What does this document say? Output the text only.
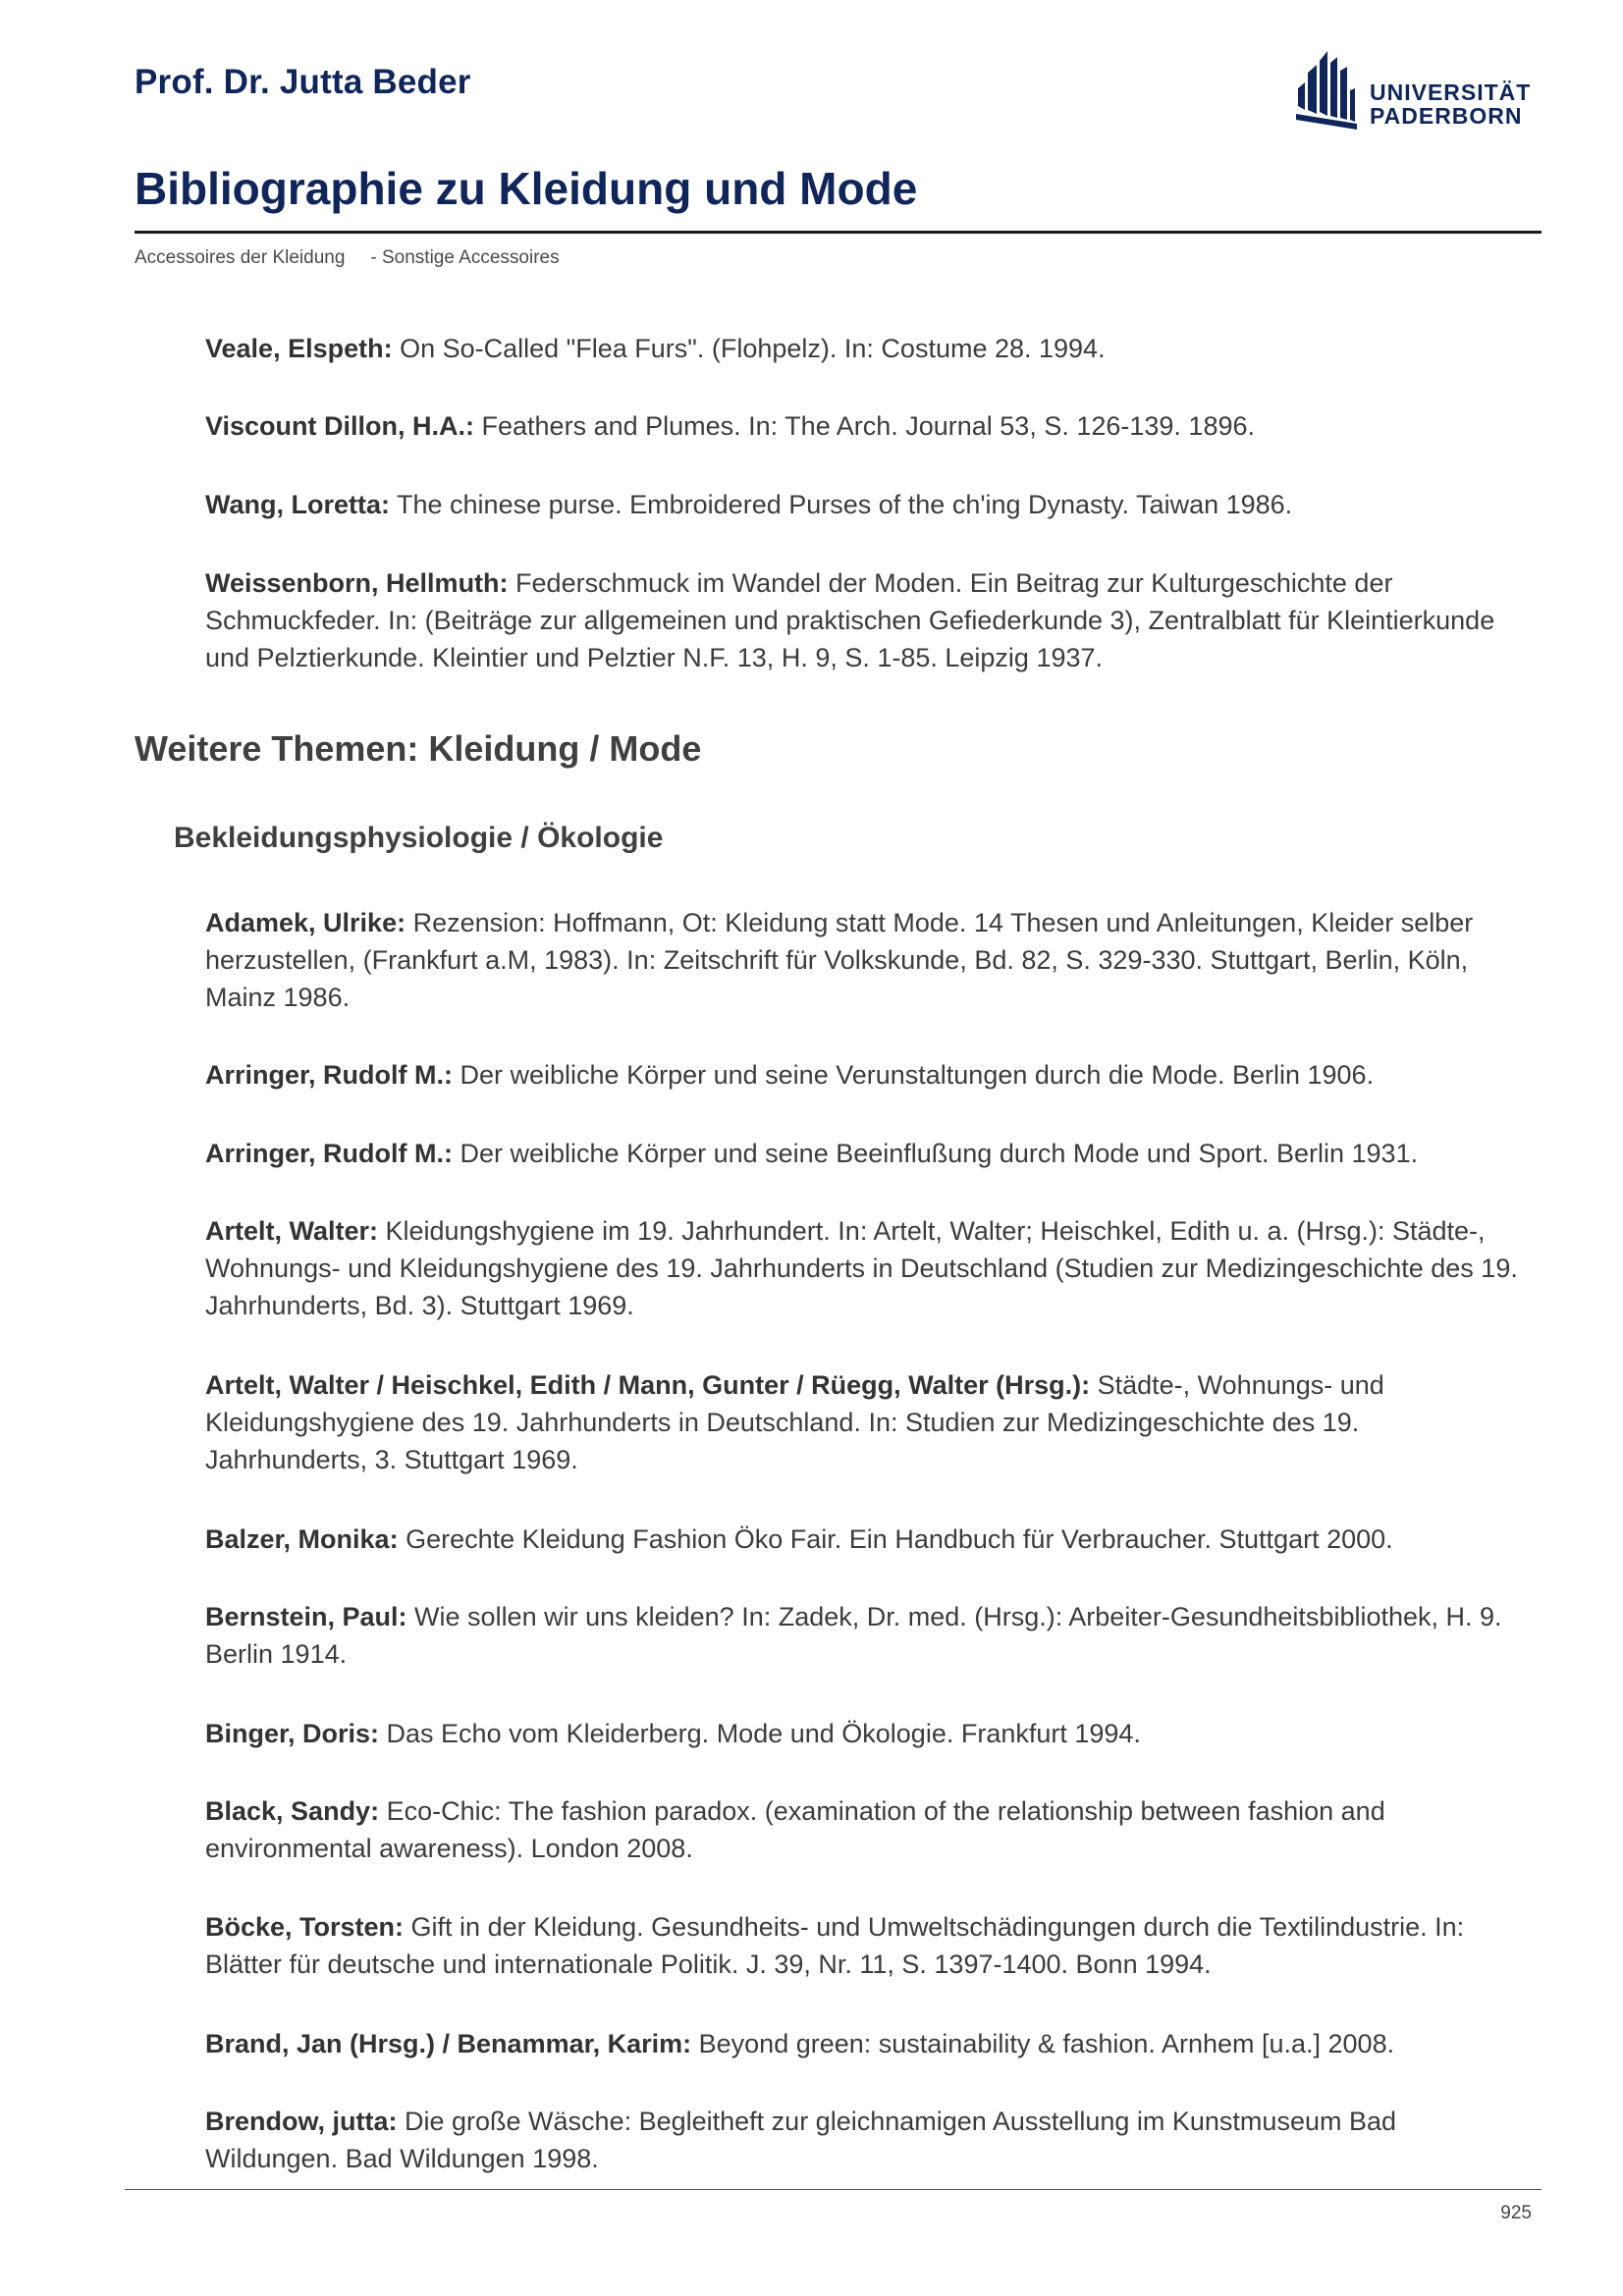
Prof. Dr. Jutta Beder	UNIVERSITÄT
PADERBORN
Bibliographie zu Kleidung und Mode
Accessoires der Kleidung - Sonstige Accessoires
Veale, Elspeth: On So-Called "Flea Furs". (Flohpelz). In: Costume 28. 1994.
Viscount Dillon, H.A.: Feathers and Plumes. In: The Arch. Journal 53, S. 126-139. 1896.
Wang, Loretta: The chinese purse. Embroidered Purses of the ch'ing Dynasty. Taiwan 1986.
Weissenborn, Hellmuth: Federschmuck im Wandel der Moden. Ein Beitrag zur Kulturgeschichte der Schmuckfeder. In: (Beiträge zur allgemeinen und praktischen Gefiederkunde 3), Zentralblatt für Kleintierkunde und Pelztierkunde. Kleintier und Pelztier N.F. 13, H. 9, S. 1-85. Leipzig 1937.
Weitere Themen: Kleidung / Mode
Bekleidungsphysiologie / Ökologie
Adamek, Ulrike: Rezension: Hoffmann, Ot: Kleidung statt Mode. 14 Thesen und Anleitungen, Kleider selber herzustellen, (Frankfurt a.M, 1983). In: Zeitschrift für Volkskunde, Bd. 82, S. 329-330. Stuttgart, Berlin, Köln, Mainz 1986.
Arringer, Rudolf M.: Der weibliche Körper und seine Verunstaltungen durch die Mode. Berlin 1906.
Arringer, Rudolf M.: Der weibliche Körper und seine Beeinflußung durch Mode und Sport. Berlin 1931.
Artelt, Walter: Kleidungshygiene im 19. Jahrhundert. In: Artelt, Walter; Heischkel, Edith u. a. (Hrsg.): Städte-, Wohnungs- und Kleidungshygiene des 19. Jahrhunderts in Deutschland (Studien zur Medizingeschichte des 19. Jahrhunderts, Bd. 3). Stuttgart 1969.
Artelt, Walter / Heischkel, Edith / Mann, Gunter / Rüegg, Walter (Hrsg.): Städte-, Wohnungs- und Kleidungshygiene des 19. Jahrhunderts in Deutschland. In: Studien zur Medizingeschichte des 19. Jahrhunderts, 3. Stuttgart 1969.
Balzer, Monika: Gerechte Kleidung Fashion Öko Fair. Ein Handbuch für Verbraucher. Stuttgart 2000.
Bernstein, Paul: Wie sollen wir uns kleiden? In: Zadek, Dr. med. (Hrsg.): Arbeiter-Gesundheitsbibliothek, H. 9. Berlin 1914.
Binger, Doris: Das Echo vom Kleiderberg. Mode und Ökologie. Frankfurt 1994.
Black, Sandy: Eco-Chic: The fashion paradox. (examination of the relationship between fashion and environmental awareness). London 2008.
Böcke, Torsten: Gift in der Kleidung. Gesundheits- und Umweltschädingungen durch die Textilindustrie. In: Blätter für deutsche und internationale Politik. J. 39, Nr. 11, S. 1397-1400. Bonn 1994.
Brand, Jan (Hrsg.) / Benammar, Karim: Beyond green: sustainability & fashion. Arnhem [u.a.] 2008.
Brendow, jutta: Die große Wäsche: Begleitheft zur gleichnamigen Ausstellung im Kunstmuseum Bad Wildungen. Bad Wildungen 1998.
925
